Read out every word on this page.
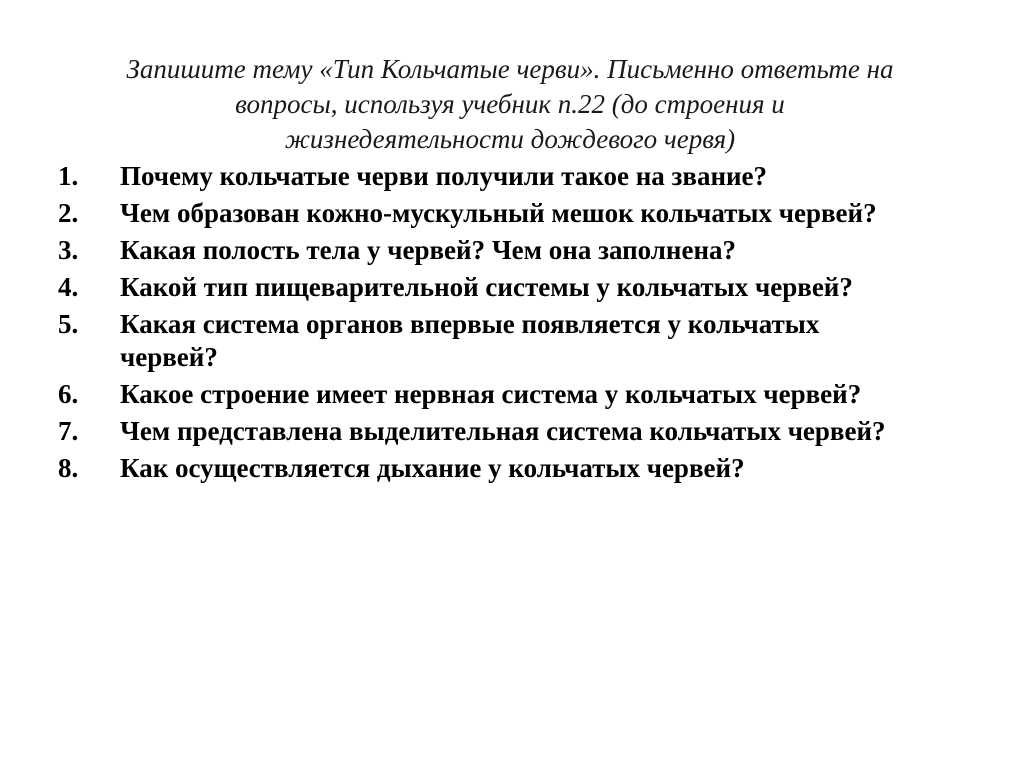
Запишите тему «Тип Кольчатые черви». Письменно ответьте на
вопросы, используя учебник п.22 (до строения и
жизнедеятельности дождевого червя)
1.	Почему кольчатые черви получили такое на звание?
2.	Чем образован кожно-мускульный мешок кольчатых червей?
3.	Какая полость тела у червей? Чем она заполнена?
4.	Какой тип пищеварительной системы у кольчатых червей?
5.	Какая система органов впервые появляется у кольчатых червей?
6.	Какое строение имеет нервная система у кольчатых червей?
7.	Чем представлена выделительная система кольчатых червей?
8.	Как осуществляется дыхание у кольчатых червей?
